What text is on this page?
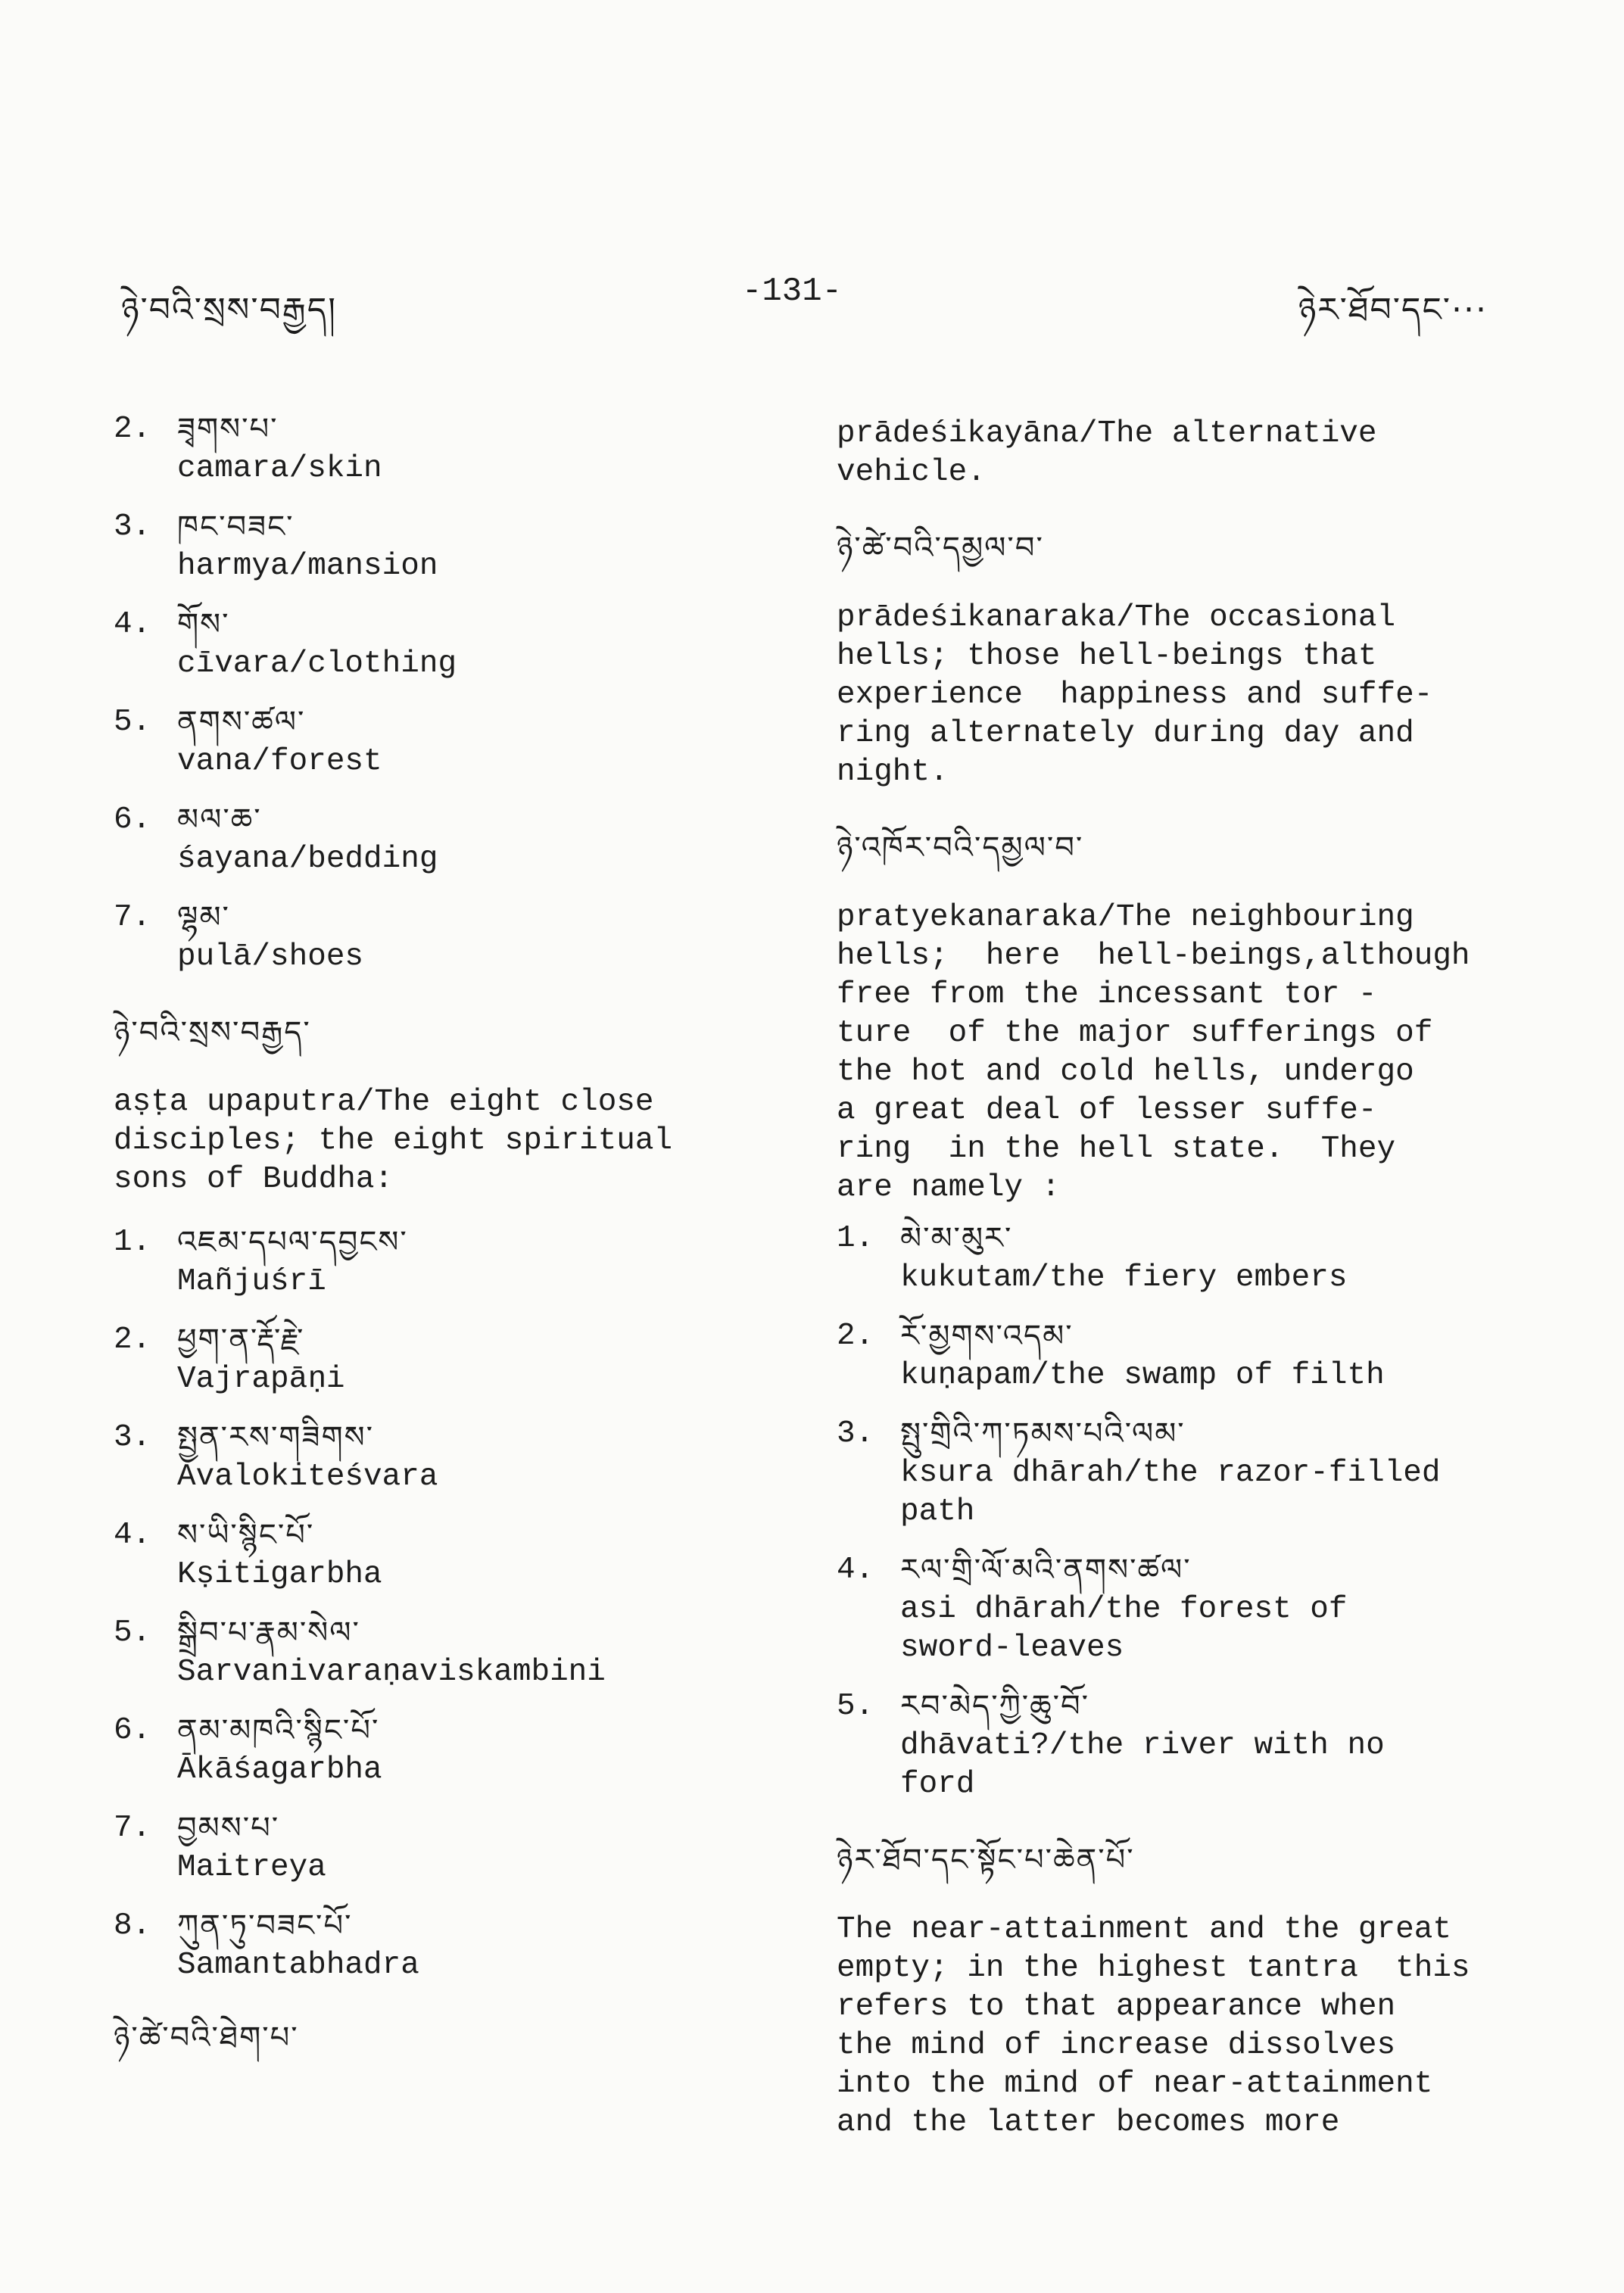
ཉེ་བའི་སྲས་བརྒྱད།	-131-	ཉེར་ཐོབ་དང་···
2. ཟྭགས་པ་
camara/skin
3. ཁང་བཟང་
harmya/mansion
4. གོས་
cīvara/clothing
5. ནགས་ཚལ་
vana/forest
6. མལ་ཆ་
śayana/bedding
7. ལྷམ་
pulā/shoes
ཉེ་བའི་སྲས་བརྒྱད་
aṣṭa upaputra/The eight close
disciples; the eight spiritual
sons of Buddha:
1. འཇམ་དཔལ་དབྱངས་
Mañjuśrī
2. ཕྱག་ན་རྡོ་རྗེ་
Vajrapāṇi
3. སྤྱན་རས་གཟིགས་
Avalokiteśvara
4. ས་ཡི་སྙིང་པོ་
Kṣitigarbha
5. སྒྲིབ་པ་རྣམ་སེལ་
Sarvanivaraṇaviskambini
6. ནམ་མཁའི་སྙིང་པོ་
Ākāśagarbha
7. བྱམས་པ་
Maitreya
8. ཀུན་ཏུ་བཟང་པོ་
Samantabhadra
ཉེ་ཚེ་བའི་ཐེག་པ་
prādeśikayāna/The alternative
vehicle.
ཉེ་ཚེ་བའི་དམྱལ་བ་
prādeśikanaraka/The occasional
hells; those hell-beings that
experience  happiness and suffe-
ring alternately during day and
night.
ཉེ་འཁོར་བའི་དམྱལ་བ་
pratyekanaraka/The neighbouring
hells;  here  hell-beings,although
free from the incessant tor -
ture  of the major sufferings of
the hot and cold hells, undergo
a great deal of lesser suffe-
ring  in the hell state.  They
are namely :
1. མེ་མ་མུར་
kukutam/the fiery embers
2. རོ་མྱགས་འདམ་
kuṇapam/the swamp of filth
3. སྤུ་གྲིའི་ཀ་ཏམས་པའི་ལམ་
ksura dhārah/the razor-filled
path
4. རལ་གྲི་ལོ་མའི་ནགས་ཚལ་
asi dhārah/the forest of
sword-leaves
5. རབ་མེད་ཀྱི་ཆུ་བོ་
dhāvati?/the river with no
ford
ཉེར་ཐོབ་དང་སྟོང་པ་ཆེན་པོ་
The near-attainment and the great
empty; in the highest tantra  this
refers to that appearance when
the mind of increase dissolves
into the mind of near-attainment
and the latter becomes more
